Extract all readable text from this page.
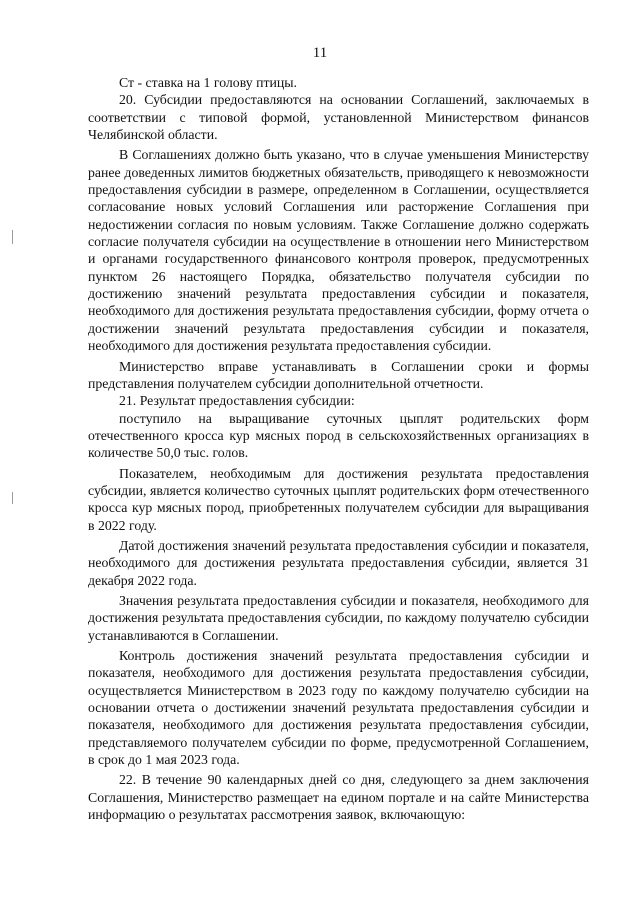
11

Ст - ставка на 1 голову птицы.

20. Субсидии предоставляются на основании Соглашений, заключаемых в соответствии с типовой формой, установленной Министерством финансов Челябинской области.

В Соглашениях должно быть указано, что в случае уменьшения Министерству ранее доведенных лимитов бюджетных обязательств, приводящего к невозможности предоставления субсидии в размере, определенном в Соглашении, осуществляется согласование новых условий Соглашения или расторжение Соглашения при недостижении согласия по новым условиям. Также Соглашение должно содержать согласие получателя субсидии на осуществление в отношении него Министерством и органами государственного финансового контроля проверок, предусмотренных пунктом 26 настоящего Порядка, обязательство получателя субсидии по достижению значений результата предоставления субсидии и показателя, необходимого для достижения результата предоставления субсидии, форму отчета о достижении значений результата предоставления субсидии и показателя, необходимого для достижения результата предоставления субсидии.

Министерство вправе устанавливать в Соглашении сроки и формы представления получателем субсидии дополнительной отчетности.

21. Результат предоставления субсидии:

поступило на выращивание суточных цыплят родительских форм отечественного кросса кур мясных пород в сельскохозяйственных организациях в количестве 50,0 тыс. голов.

Показателем, необходимым для достижения результата предоставления субсидии, является количество суточных цыплят родительских форм отечественного кросса кур мясных пород, приобретенных получателем субсидии для выращивания в 2022 году.

Датой достижения значений результата предоставления субсидии и показателя, необходимого для достижения результата предоставления субсидии, является 31 декабря 2022 года.

Значения результата предоставления субсидии и показателя, необходимого для достижения результата предоставления субсидии, по каждому получателю субсидии устанавливаются в Соглашении.

Контроль достижения значений результата предоставления субсидии и показателя, необходимого для достижения результата предоставления субсидии, осуществляется Министерством в 2023 году по каждому получателю субсидии на основании отчета о достижении значений результата предоставления субсидии и показателя, необходимого для достижения результата предоставления субсидии, представляемого получателем субсидии по форме, предусмотренной Соглашением, в срок до 1 мая 2023 года.

22. В течение 90 календарных дней со дня, следующего за днем заключения Соглашения, Министерство размещает на едином портале и на сайте Министерства информацию о результатах рассмотрения заявок, включающую:
